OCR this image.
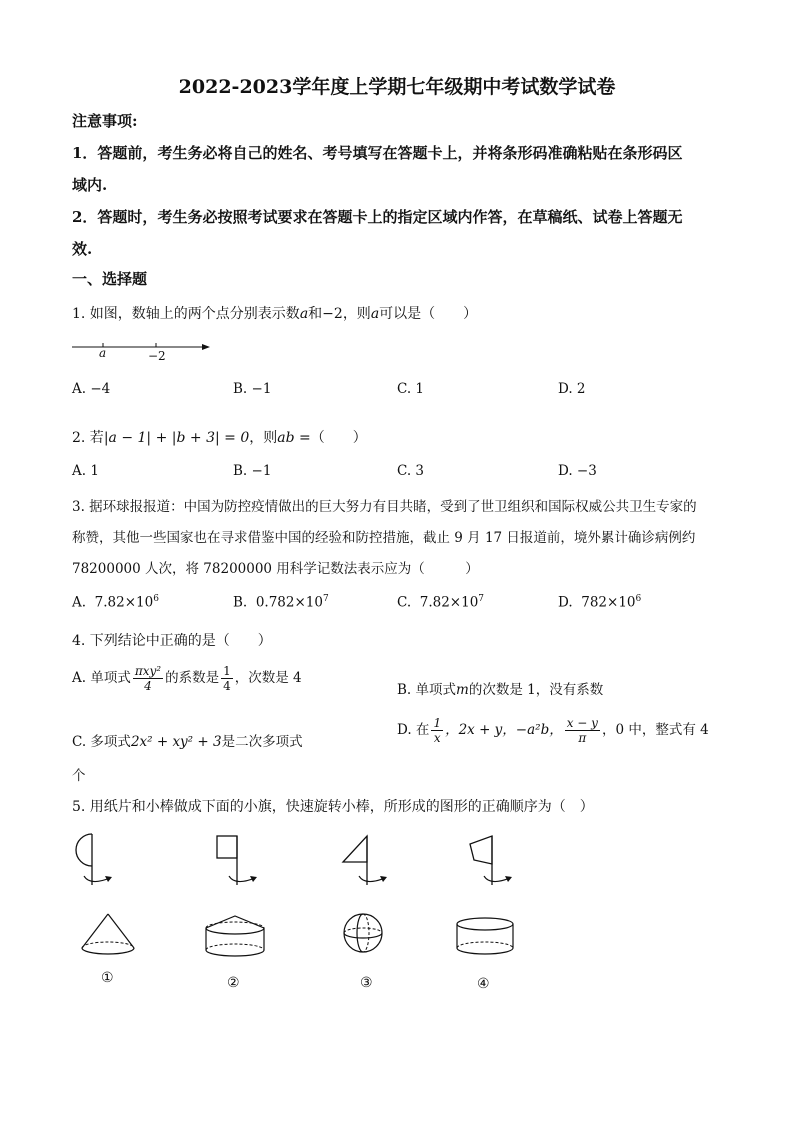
2022-2023学年度上学期七年级期中考试数学试卷
注意事项:
1．答题前，考生务必将自己的姓名、考号填写在答题卡上，并将条形码准确粘贴在条形码区
域内.
2．答题时，考生务必按照考试要求在答题卡上的指定区域内作答，在草稿纸、试卷上答题无
效.
一、选择题
1. 如图，数轴上的两个点分别表示数a和−2，则a可以是（　　）
a	−2
A. −4	B. −1	C. 1	D. 2
2. 若|a − 1| + |b + 3| = 0，则ab =（　　）
A. 1	B. −1	C. 3	D. −3
3. 据环球报报道：中国为防控疫情做出的巨大努力有目共睹，受到了世卫组织和国际权威公共卫生专家的
称赞，其他一些国家也在寻求借鉴中国的经验和防控措施，截止 9 月 17 日报道前，境外累计确诊病例约
78200000 人次，将 78200000 用科学记数法表示应为（　　　）
A. $7.82\times 10^6$	B. $0.782\times 10^7$	C. $7.82\times 10^7$	D. $782\times 10^6$
4. 下列结论中正确的是（　　）
A. 单项式 $\frac{\text{πxy²}}{4}$ 的系数是 $\frac{1}{4}$ ，次数是 4
B. 单项式m的次数是 1，没有系数
C. 多项式2x² + xy² + 3是二次多项式
D. 在 $\frac{1}{x}$ ，2x + y，−a²b， $\frac{x - y}{\pi}$ ，0 中，整式有 4
个
5. 用纸片和小棒做成下面的小旗，快速旋转小棒，所形成的图形的正确顺序为（　）
①	②	③	④
